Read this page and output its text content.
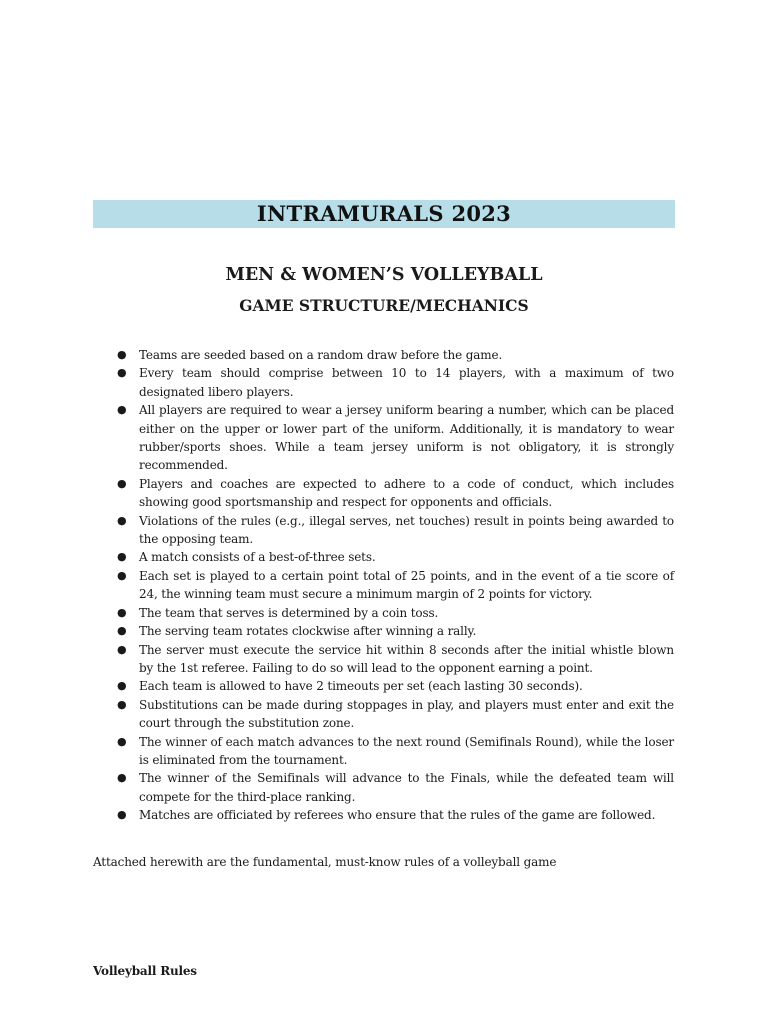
INTRAMURALS 2023
MEN & WOMEN’S VOLLEYBALL
GAME STRUCTURE/MECHANICS
● Teams are seeded based on a random draw before the game.
● Every team should comprise between 10 to 14 players, with a maximum of two designated libero players.
● All players are required to wear a jersey uniform bearing a number, which can be placed either on the upper or lower part of the uniform. Additionally, it is mandatory to wear rubber/sports shoes. While a team jersey uniform is not obligatory, it is strongly recommended.
● Players and coaches are expected to adhere to a code of conduct, which includes showing good sportsmanship and respect for opponents and officials.
● Violations of the rules (e.g., illegal serves, net touches) result in points being awarded to the opposing team.
● A match consists of a best-of-three sets.
● Each set is played to a certain point total of 25 points, and in the event of a tie score of 24, the winning team must secure a minimum margin of 2 points for victory.
● The team that serves is determined by a coin toss.
● The serving team rotates clockwise after winning a rally.
● The server must execute the service hit within 8 seconds after the initial whistle blown by the 1st referee. Failing to do so will lead to the opponent earning a point.
● Each team is allowed to have 2 timeouts per set (each lasting 30 seconds).
● Substitutions can be made during stoppages in play, and players must enter and exit the court through the substitution zone.
● The winner of each match advances to the next round (Semifinals Round), while the loser is eliminated from the tournament.
● The winner of the Semifinals will advance to the Finals, while the defeated team will compete for the third-place ranking.
● Matches are officiated by referees who ensure that the rules of the game are followed.
Attached herewith are the fundamental, must-know rules of a volleyball game
Volleyball Rules
